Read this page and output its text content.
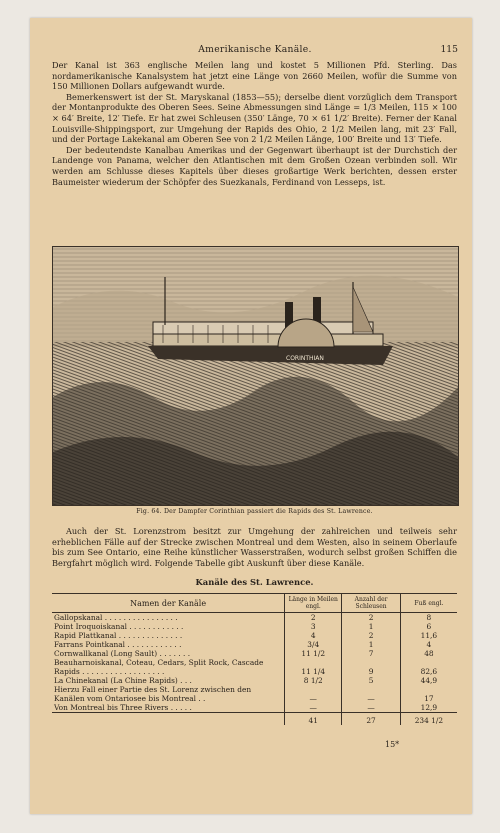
Amerikanische Kanäle.	115

Der Kanal ist 363 englische Meilen lang und kostet 5 Millionen Pfd. Sterling. Das nordamerikanische Kanalsystem hat jetzt eine Länge von 2660 Meilen, wofür die Summe von 150 Millionen Dollars aufgewandt wurde.

Bemerkenswert ist der St. Maryskanal (1853—55); derselbe dient vorzüglich dem Transport der Montanprodukte des Oberen Sees. Seine Abmessungen sind Länge = 1/3 Meilen, 115 × 100 × 64′ Breite, 12′ Tiefe. Er hat zwei Schleusen (350′ Länge, 70 × 61 1/2′ Breite). Ferner der Kanal Louisville-Shippingsport, zur Umgehung der Rapids des Ohio, 2 1/2 Meilen lang, mit 23′ Fall, und der Portage Lakekanal am Oberen See von 2 1/2 Meilen Länge, 100′ Breite und 13′ Tiefe.

Der bedeutendste Kanalbau Amerikas und der Gegenwart überhaupt ist der Durchstich der Landenge von Panama, welcher den Atlantischen mit dem Großen Ozean verbinden soll. Wir werden am Schlusse dieses Kapitels über dieses großartige Werk berichten, dessen erster Baumeister wiederum der Schöpfer des Suezkanals, Ferdinand von Lesseps, ist.

CORINTHIAN
Fig. 64. Der Dampfer Corinthian passiert die Rapids des St. Lawrence.

Auch der St. Lorenzstrom besitzt zur Umgehung der zahlreichen und teilweis sehr erheblichen Fälle auf der Strecke zwischen Montreal und dem Westen, also in seinem Oberlaufe bis zum See Ontario, eine Reihe künstlicher Wasserstraßen, wodurch selbst großen Schiffen die Bergfahrt möglich wird. Folgende Tabelle gibt Auskunft über diese Kanäle.

Kanäle des St. Lawrence.
Namen der Kanäle	Länge in Meilen engl.	Anzahl der Schleusen	Fuß engl.
Gallopskanal . . . . . . . . . . . . . . . .	2	2	8
Point Iroquoiskanal . . . . . . . . . . . .	3	1	6
Rapid Plattkanal . . . . . . . . . . . . . .	4	2	11,6
Farrans Pointkanal . . . . . . . . . . . .	3/4	1	4
Cornwallkanal (Long Sault) . . . . . . .	11 1/2	7	48
Beauharnoiskanal, Coteau, Cedars, Split Rock, Cascade			
Rapids . . . . . . . . . . . . . . . . . .	11 1/4	9	82,6
La Chinekanal (La Chine Rapids) . . .	8 1/2	5	44,9
Hierzu Fall einer Partie des St. Lorenz zwischen den			
Kanälen vom Ontariosee bis Montreal . .	—	—	17
Von Montreal bis Three Rivers . . . . .	—	—	12,9
	41	27	234 1/2
15*
